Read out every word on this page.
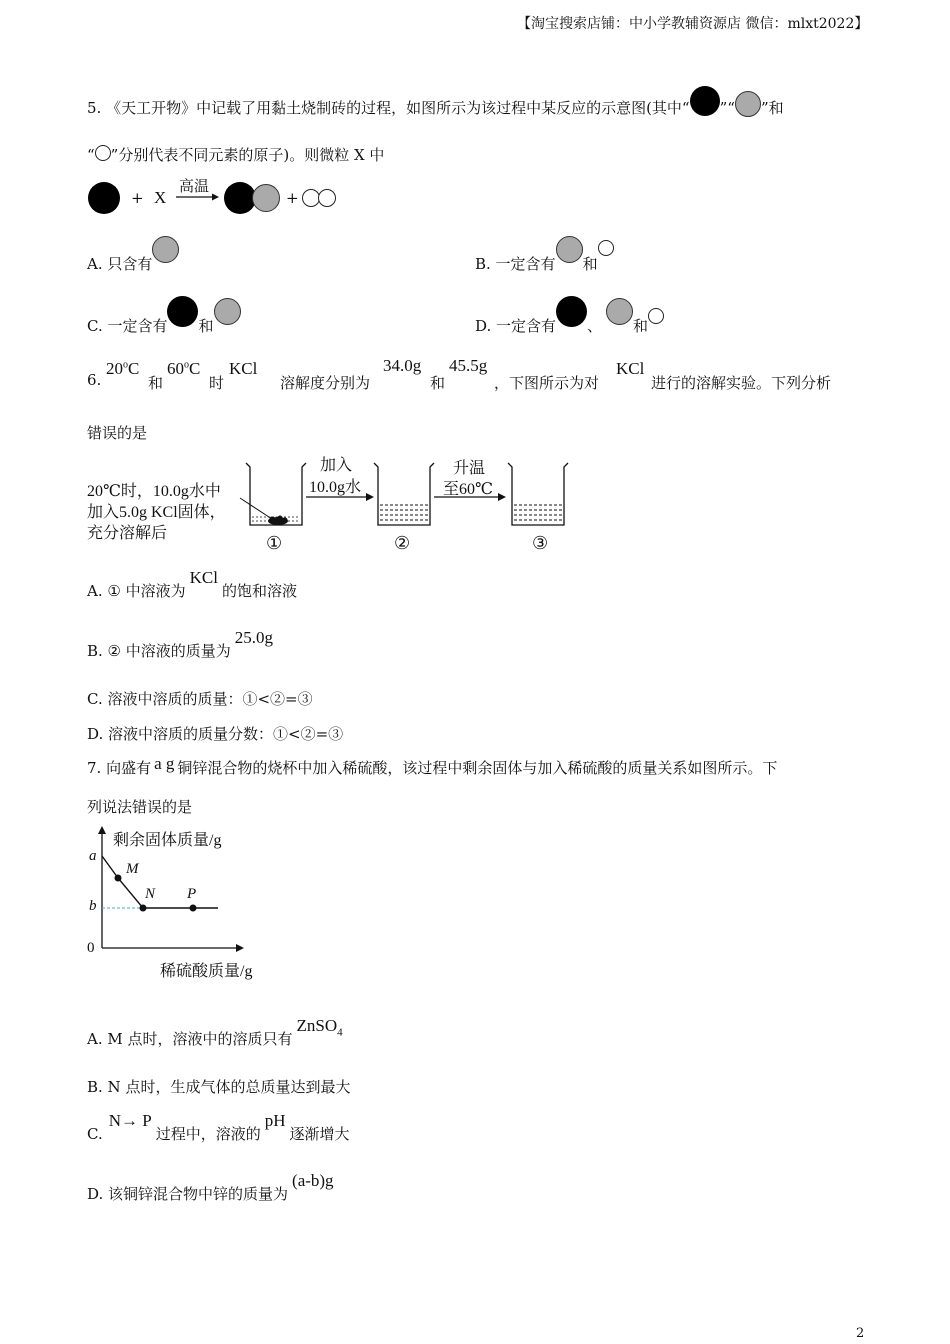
【淘宝搜索店铺：中小学教辅资源店 微信：mlxt2022】
5. 《天工开物》中记载了用黏土烧制砖的过程，如图所示为该过程中某反应的示意图(其中“ ”“ ”和
“ ”分别代表不同元素的原子)。则微粒 X 中
+ X
高温
+
A. 只含有	B. 一定含有 和
C. 一定含有 和	D. 一定含有 、 和
6.
20$^o$C
和
60$^o$C
时
KCl
溶解度分别为
34.0g
和
45.5g
，下图所示为对
KCl
进行的溶解实验。下列分析
错误的是
20℃时，10.0g水中
加入5.0g KCl固体，
充分溶解后
加入
10.0g水
升温
至60℃
①	②	③
A. ① 中溶液为KCl的饱和溶液
B. ② 中溶液的质量为25.0g
C. 溶液中溶质的质量：①<②=③
D. 溶液中溶质的质量分数：①<②=③
7. 向盛有 a g 铜锌混合物的烧杯中加入稀硫酸，该过程中剩余固体与加入稀硫酸的质量关系如图所示。下
列说法错误的是
剩余固体质量/g
稀硫酸质量/g
0
a
b
M
N P
A. M 点时，溶液中的溶质只有ZnSO$_4$
B. N 点时，生成气体的总质量达到最大
C.N→ P过程中，溶液的pH逐渐增大
D. 该铜锌混合物中锌的质量为(a-b)g
2
